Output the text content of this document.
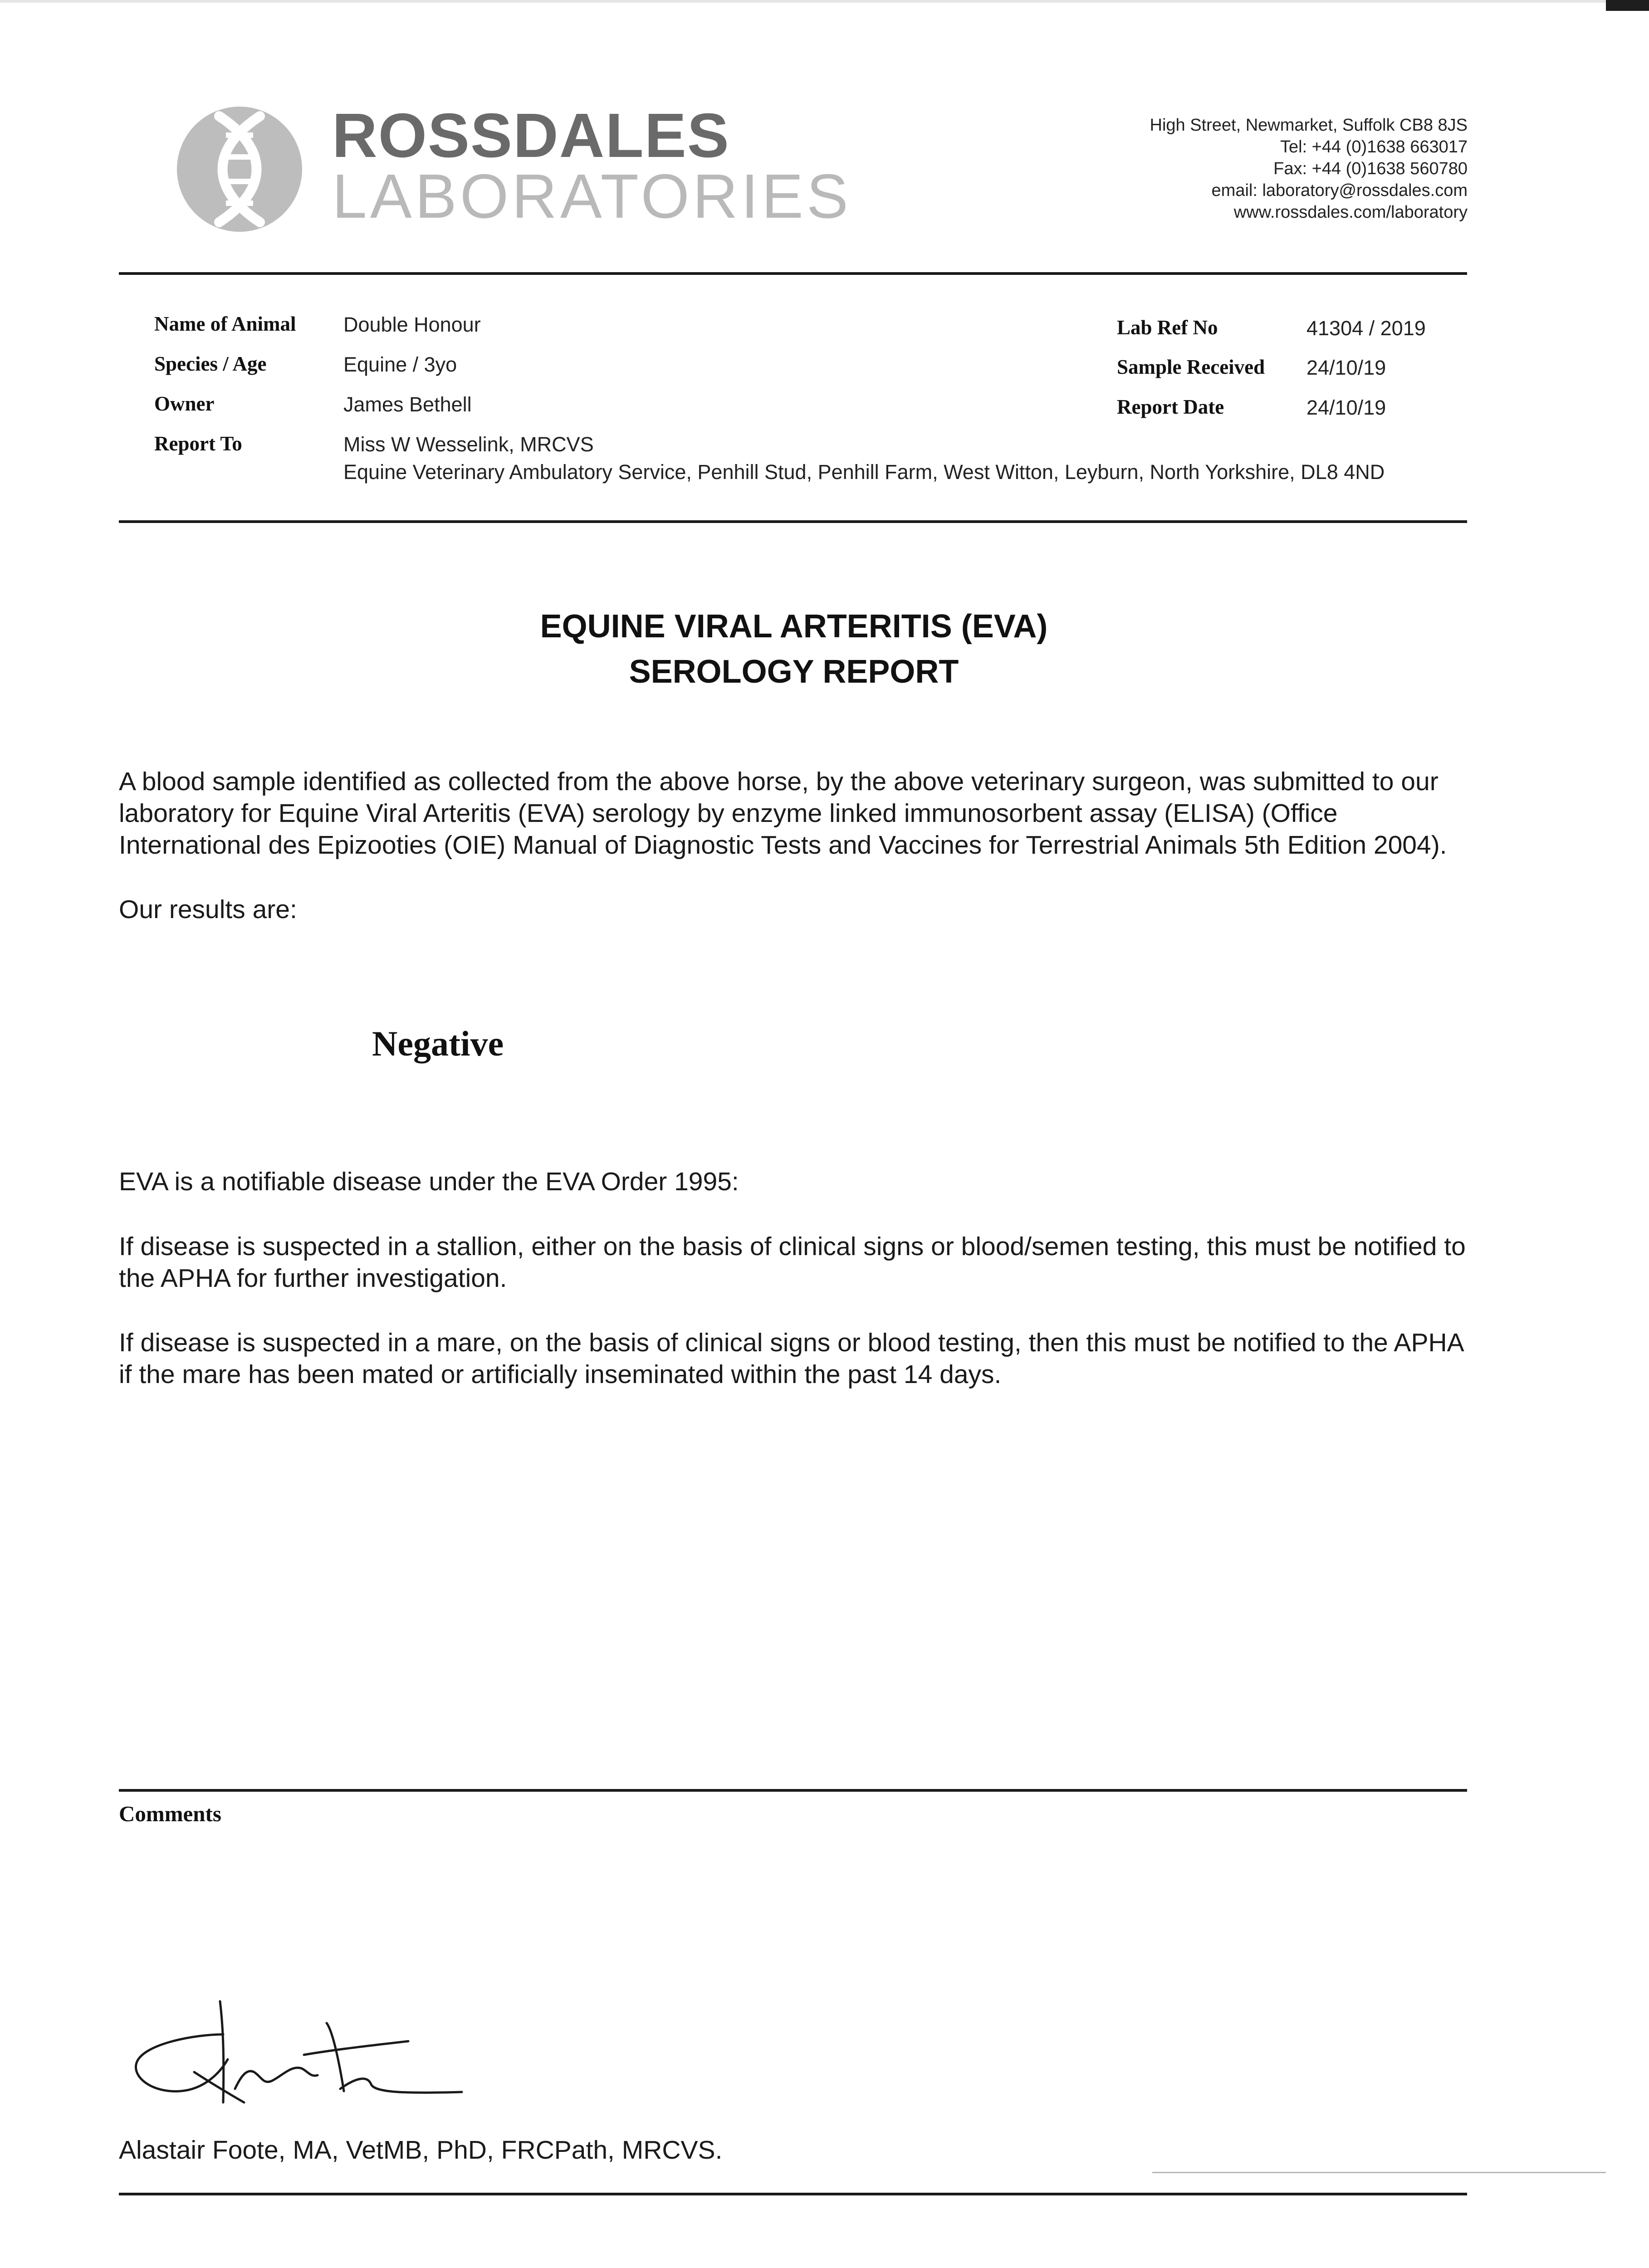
ROSSDALES
LABORATORIES
High Street, Newmarket, Suffolk CB8 8JS
Tel: +44 (0)1638 663017
Fax: +44 (0)1638 560780
email: laboratory@rossdales.com
www.rossdales.com/laboratory
Name of Animal Double Honour
Species / Age	Equine / 3yo
Owner	James Bethell
Report To	Miss W Wesselink, MRCVS
Equine Veterinary Ambulatory Service, Penhill Stud, Penhill Farm, West Witton, Leyburn, North Yorkshire, DL8 4ND
Lab Ref No	41304 / 2019
Sample Received 24/10/19
Report Date	24/10/19
EQUINE VIRAL ARTERITIS (EVA)
SEROLOGY REPORT

A blood sample identified as collected from the above horse, by the above veterinary surgeon, was submitted to our laboratory for Equine Viral Arteritis (EVA) serology by enzyme linked immunosorbent assay (ELISA) (Office International des Epizooties (OIE) Manual of Diagnostic Tests and Vaccines for Terrestrial Animals 5th Edition 2004).

Our results are:

Negative

EVA is a notifiable disease under the EVA Order 1995:

If disease is suspected in a stallion, either on the basis of clinical signs or blood/semen testing, this must be notified to the APHA for further investigation.

If disease is suspected in a mare, on the basis of clinical signs or blood testing, then this must be notified to the APHA if the mare has been mated or artificially inseminated within the past 14 days.

Comments
Alastair Foote, MA, VetMB, PhD, FRCPath, MRCVS.
